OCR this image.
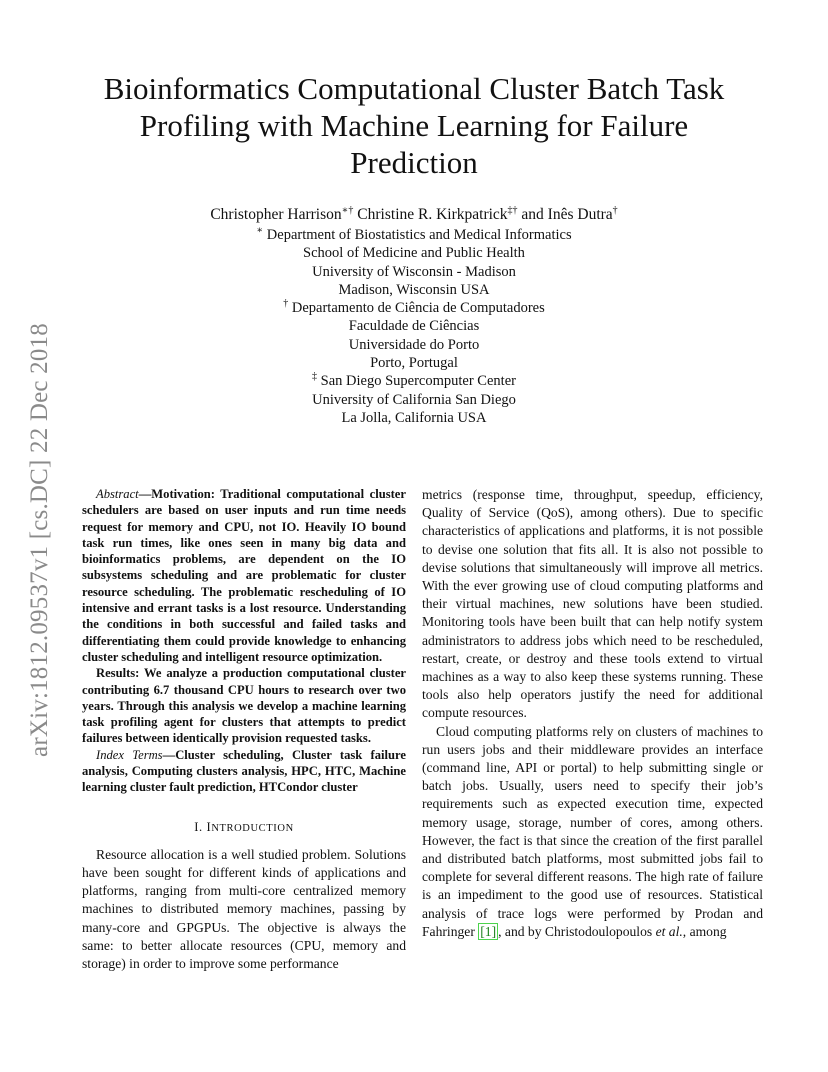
arXiv:1812.09537v1 [cs.DC] 22 Dec 2018
Bioinformatics Computational Cluster Batch Task
Profiling with Machine Learning for Failure
Prediction
Christopher Harrison∗† Christine R. Kirkpatrick‡† and Inês Dutra†
∗ Department of Biostatistics and Medical Informatics
School of Medicine and Public Health
University of Wisconsin - Madison
Madison, Wisconsin USA
† Departamento de Ciência de Computadores
Faculdade de Ciências
Universidade do Porto
Porto, Portugal
‡ San Diego Supercomputer Center
University of California San Diego
La Jolla, California USA

Abstract—Motivation: Traditional computational cluster schedulers are based on user inputs and run time needs request for memory and CPU, not IO. Heavily IO bound task run times, like ones seen in many big data and bioinformatics problems, are dependent on the IO subsystems scheduling and are problematic for cluster resource scheduling. The problematic rescheduling of IO intensive and errant tasks is a lost resource. Understanding the conditions in both successful and failed tasks and differentiating them could provide knowledge to enhancing cluster scheduling and intelligent resource optimization.

Results: We analyze a production computational cluster contributing 6.7 thousand CPU hours to research over two years. Through this analysis we develop a machine learning task profiling agent for clusters that attempts to predict failures between identically provision requested tasks.

Index Terms—Cluster scheduling, Cluster task failure analysis, Computing clusters analysis, HPC, HTC, Machine learning cluster fault prediction, HTCondor cluster

I. INTRODUCTION

Resource allocation is a well studied problem. Solutions have been sought for different kinds of applications and platforms, ranging from multi-core centralized memory machines to distributed memory machines, passing by many-core and GPGPUs. The objective is always the same: to better allocate resources (CPU, memory and storage) in order to improve some performance

metrics (response time, throughput, speedup, efficiency, Quality of Service (QoS), among others). Due to specific characteristics of applications and platforms, it is not possible to devise one solution that fits all. It is also not possible to devise solutions that simultaneously will improve all metrics. With the ever growing use of cloud computing platforms and their virtual machines, new solutions have been studied. Monitoring tools have been built that can help notify system administrators to address jobs which need to be rescheduled, restart, create, or destroy and these tools extend to virtual machines as a way to also keep these systems running. These tools also help operators justify the need for additional compute resources.

Cloud computing platforms rely on clusters of machines to run users jobs and their middleware provides an interface (command line, API or portal) to help submitting single or batch jobs. Usually, users need to specify their job’s requirements such as expected execution time, expected memory usage, storage, number of cores, among others. However, the fact is that since the creation of the first parallel and distributed batch platforms, most submitted jobs fail to complete for several different reasons. The high rate of failure is an impediment to the good use of resources. Statistical analysis of trace logs were performed by Prodan and Fahringer [1] , and by Christodoulopoulos et al., among
